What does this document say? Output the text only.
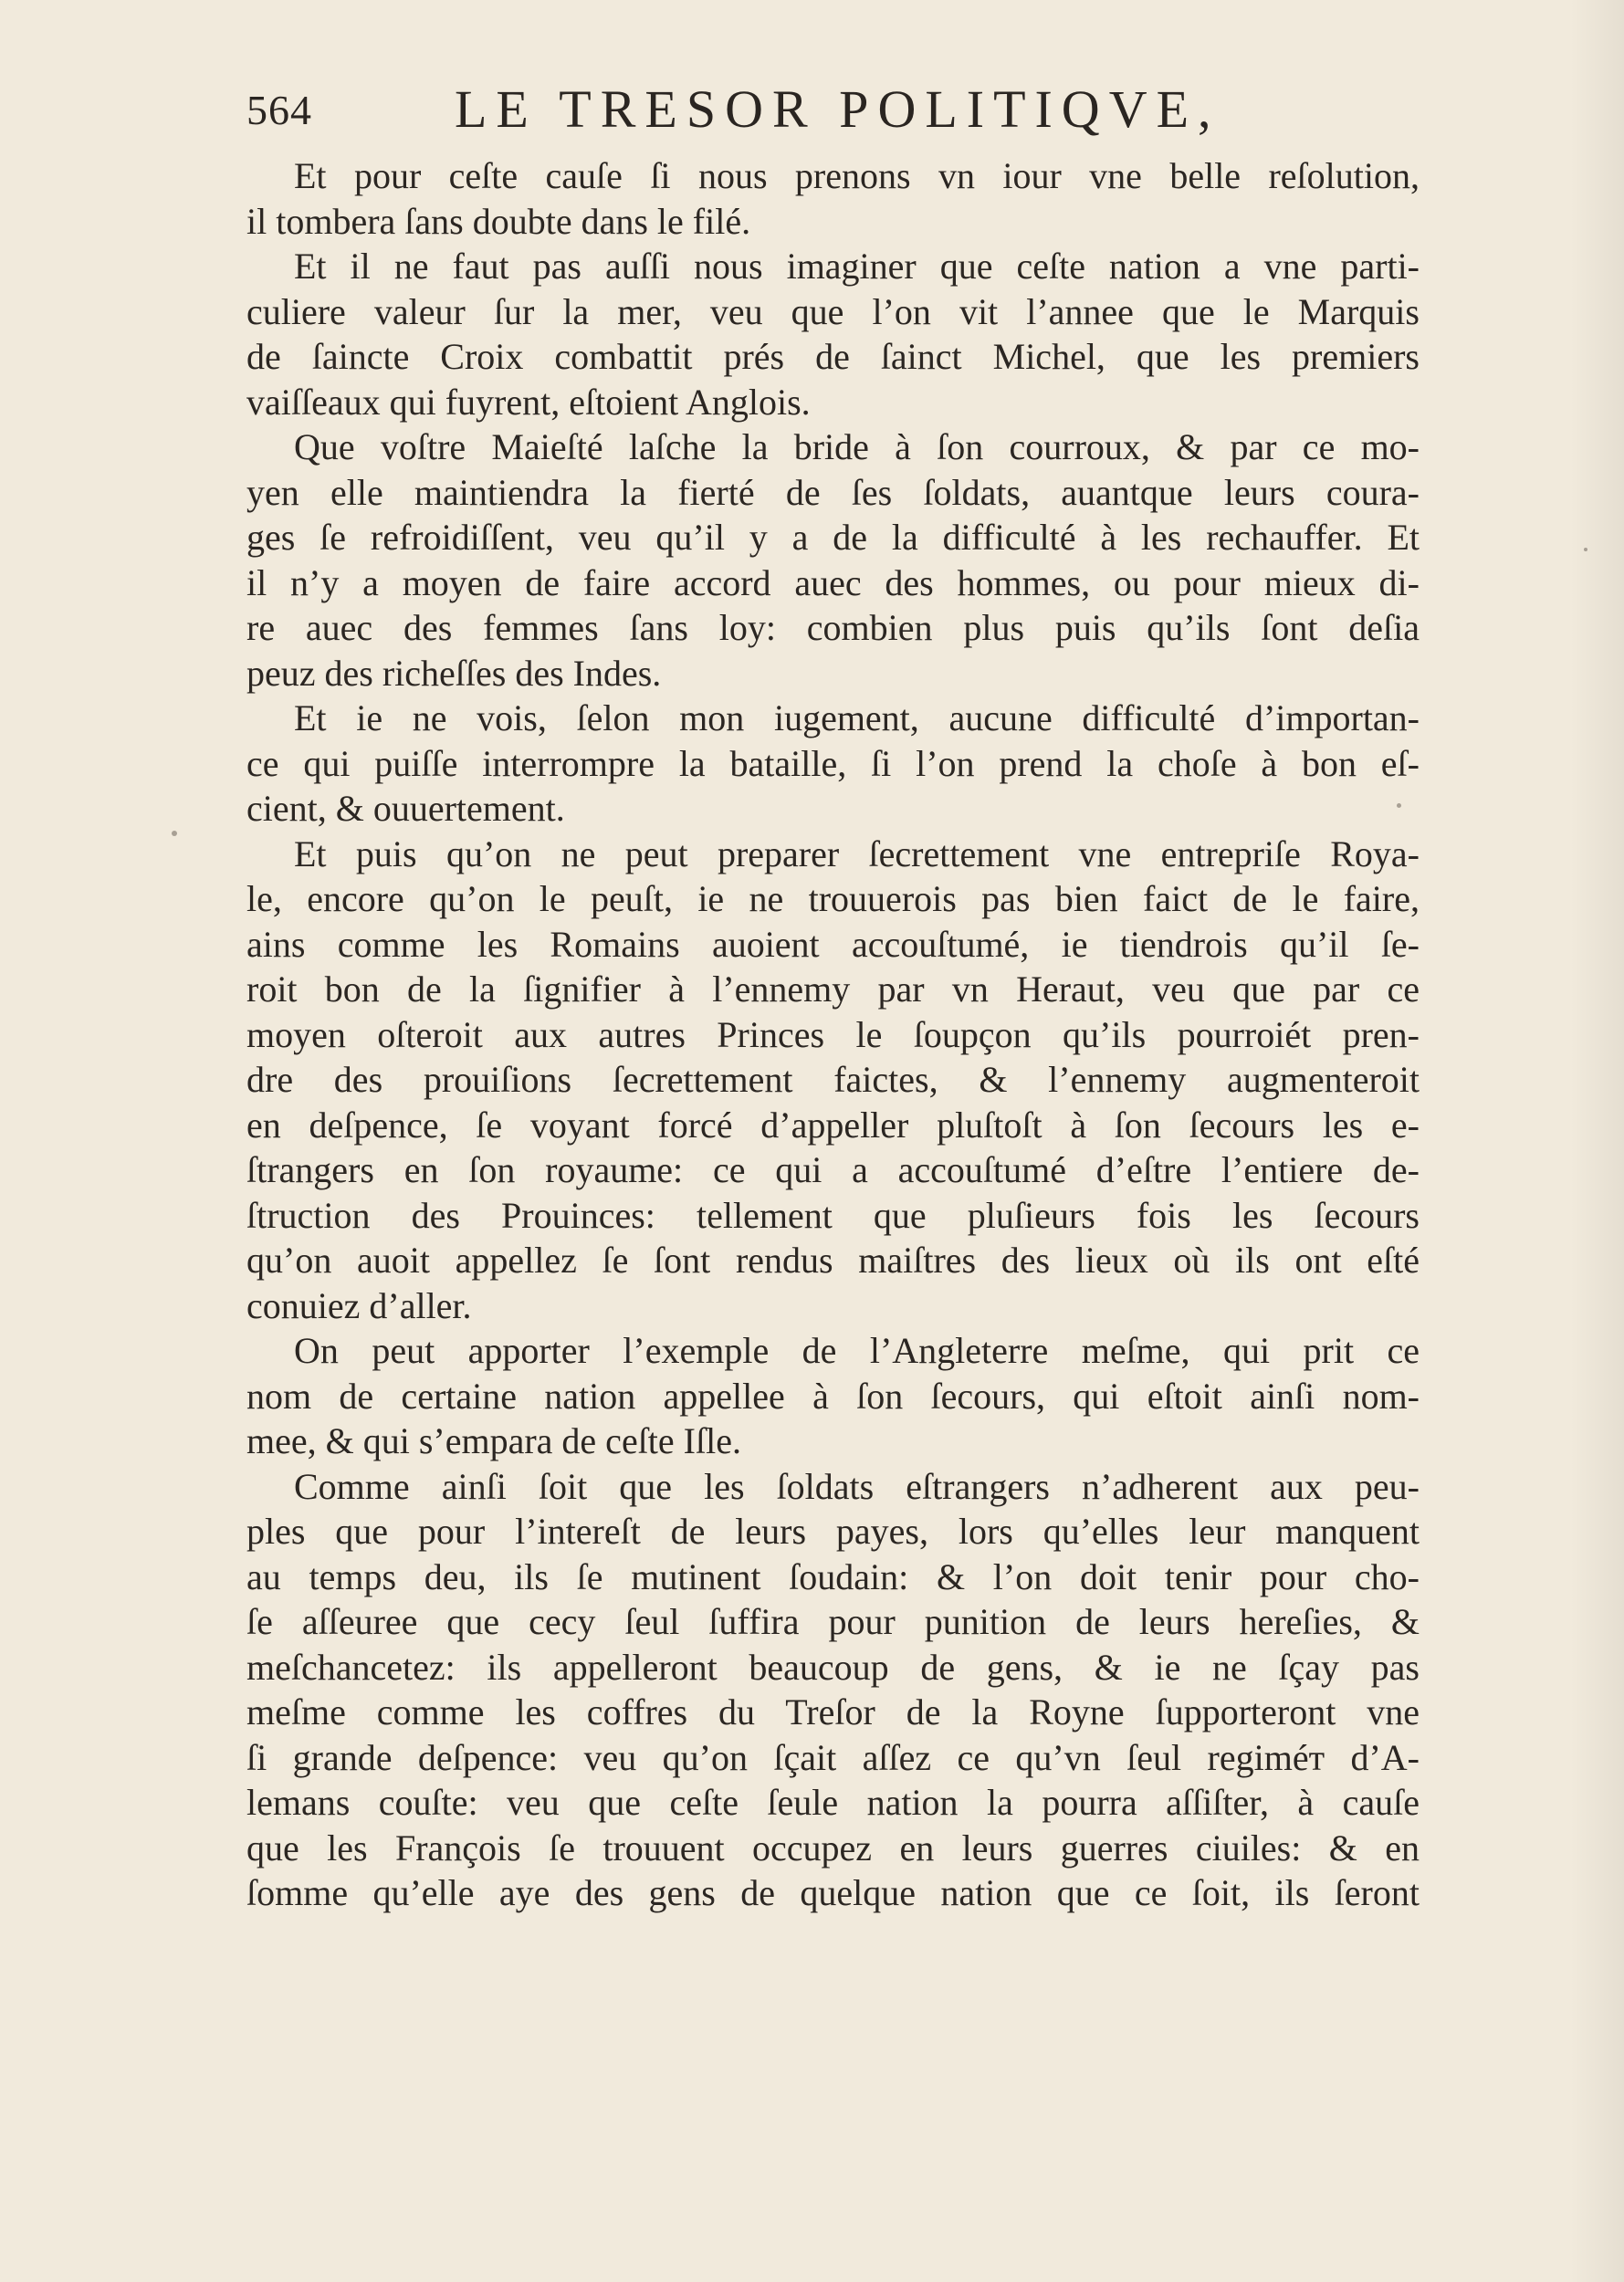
564	LE TRESOR POLITIQVE,
Et pour ceſte cauſe ſi nous prenons vn iour vne belle reſolution,
il tombera ſans doubte dans le filé.
Et il ne faut pas auſſi nous imaginer que ceſte nation a vne parti-
culiere valeur ſur la mer, veu que l’on vit l’annee que le Marquis
de ſaincte Croix combattit prés de ſainct Michel, que les premiers
vaiſſeaux qui fuyrent, eſtoient Anglois.
Que voſtre Maieſté laſche la bride à ſon courroux, & par ce mo-
yen elle maintiendra la fierté de ſes ſoldats, auantque leurs coura-
ges ſe refroidiſſent, veu qu’il y a de la difficulté à les rechauffer. Et
il n’y a moyen de faire accord auec des hommes, ou pour mieux di-
re auec des femmes ſans loy: combien plus puis qu’ils ſont deſia
peuz des richeſſes des Indes.
Et ie ne vois, ſelon mon iugement, aucune difficulté d’importan-
ce qui puiſſe interrompre la bataille, ſi l’on prend la choſe à bon eſ-
cient, & ouuertement.
Et puis qu’on ne peut preparer ſecrettement vne entrepriſe Roya-
le, encore qu’on le peuſt, ie ne trouuerois pas bien faict de le faire,
ains comme les Romains auoient accouſtumé, ie tiendrois qu’il ſe-
roit bon de la ſignifier à l’ennemy par vn Heraut, veu que par ce
moyen oſteroit aux autres Princes le ſoupçon qu’ils pourroiét pren-
dre des prouiſions ſecrettement faictes, & l’ennemy augmenteroit
en deſpence, ſe voyant forcé d’appeller pluſtoſt à ſon ſecours les e-
ſtrangers en ſon royaume: ce qui a accouſtumé d’eſtre l’entiere de-
ſtruction des Prouinces: tellement que pluſieurs fois les ſecours
qu’on auoit appellez ſe ſont rendus maiſtres des lieux où ils ont eſté
conuiez d’aller.
On peut apporter l’exemple de l’Angleterre meſme, qui prit ce
nom de certaine nation appellee à ſon ſecours, qui eſtoit ainſi nom-
mee, & qui s’empara de ceſte Iſle.
Comme ainſi ſoit que les ſoldats eſtrangers n’adherent aux peu-
ples que pour l’intereſt de leurs payes, lors qu’elles leur manquent
au temps deu, ils ſe mutinent ſoudain: & l’on doit tenir pour cho-
ſe aſſeuree que cecy ſeul ſuffira pour punition de leurs hereſies, &
meſchancetez: ils appelleront beaucoup de gens, & ie ne ſçay pas
meſme comme les coffres du Treſor de la Royne ſupporteront vne
ſi grande deſpence: veu qu’on ſçait aſſez ce qu’vn ſeul regiméт d’A-
lemans couſte: veu que ceſte ſeule nation la pourra aſſiſter, à cauſe
que les François ſe trouuent occupez en leurs guerres ciuiles: & en
ſomme qu’elle aye des gens de quelque nation que ce ſoit, ils ſeront
